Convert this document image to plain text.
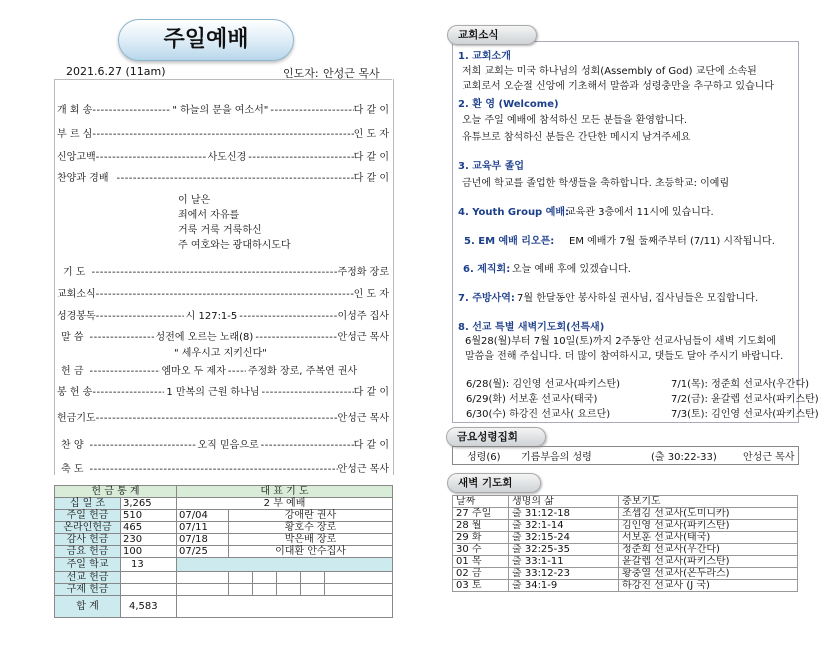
주일예배
2021.6.27 (11am)	인도자: 안성근 목사
개 회 송 -----	" 하늘의 문을 여소서" -----	다 같 이
부 르 심 -----	인 도 자
신앙고백 -----	사도신경 -----	다 같 이
찬양과 경배 -----	다 같 이
이 날은
죄에서 자유를
거룩 거룩 거룩하신
주 여호와는 광대하시도다
기 도 -----	주정화 장로
교회소식 -----	인 도 자
성경봉독 -----	시 127:1-5 -----	이성주 집사
말 씀 -----	성전에 오르는 노래(8) -----	안성근 목사
" 세우시고 지키신다"
헌 금 -----	엠마오 두 제자 ----- 주정화 장로, 주복연 권사
봉 헌 송 -----	1 만복의 근원 하나님 -----	다 같 이
헌금기도 -----	안성근 목사
찬 양 -----	오직 믿음으로 -----	다 같 이
축 도 -----	안성근 목사
헌 금 통 계		대 표 기 도					
십 일 조	3,265	2 부 예배					
주일 헌금	510	07/04	강애란 권사				
온라인헌금	465	07/11	황호수 장로				
감사 헌금	230	07/18	박은배 장로				
금요 헌금	100	07/25	이대환 안수집사				
주일 학교	13						
선교 헌금							
구제 헌금							
합 계	4,583						
교회소식
1. 교회소개
저희 교회는 미국 하나님의 성회(Assembly of God) 교단에 소속된
교회로서 오순절 신앙에 기초해서 말씀과 성령충만을 추구하고 있습니다
2. 환 영 (Welcome)
오늘 주일 예배에 참석하신 모든 분들을 환영합니다.
유튜브로 참석하신 분들은 간단한 메시지 남겨주세요
3. 교육부 졸업
금년에 학교를 졸업한 학생들을 축하합니다. 초등학교: 이예림
4. Youth Group 예배:
교육관 3층에서 11시에 있습니다.
5. EM 예배 리오픈: EM 예배가 7월 둘째주부터 (7/11) 시작됩니다.
6. 제직회: 오늘 예배 후에 있겠습니다.
7. 주방사역: 7월 한달동안 봉사하실 권사님, 집사님들은 모집합니다.
8. 선교 특별 새벽기도회(선특새)
6월28(월)부터 7월 10일(토)까지 2주동안 선교사님들이 새벽 기도회에
말씀을 전해 주십니다. 더 많이 참여하시고, 댓들도 달아 주시기 바랍니다.
6/28(월): 김인영 선교사(파키스탄)
6/29(화) 서보훈 선교사(태국)
6/30(수) 하강진 선교사( 요르단)
7/1(목): 정준희 선교사(우간다)
7/2(금): 윤갈렙 선교사(파키스탄)
7/3(토): 김인영 선교사(파키스탄)
금요성령집회
성령(6)	기름부음의 성령	(출 30:22-33)	안성근 목사
새벽 기도회
날짜	생명의 삶	중보기도
27 주일	출 31:12-18	조셉김 선교사(도미니카)
28 월	출 32:1-14	김인영 선교사(파키스탄)
29 화	출 32:15-24	서보훈 선교사(태국)
30 수	출 32:25-35	정준희 선교사(우간다)
01 목	출 33:1-11	윤갈렙 선교사(파키스탄)
02 금	출 33:12-23	황충열 선교사(온두라스)
03 토	출 34:1-9	하강진 선교사 (J 국)
